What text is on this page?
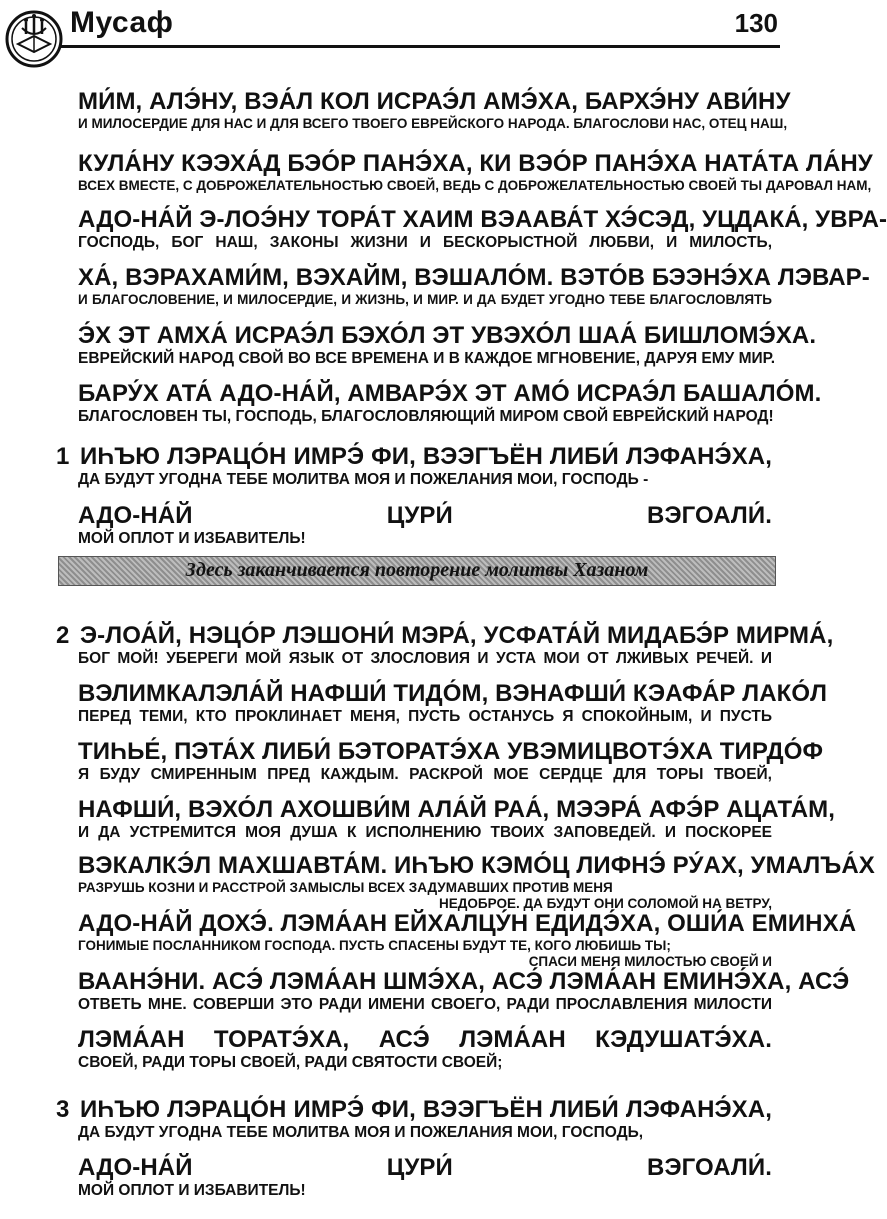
Мусаф	130
МИ́М, АЛЭ́НУ, ВЭА́Л КОЛ ИСРАЭ́Л АМЭ́ХА, БАРХЭ́НУ АВИ́НУ
И МИЛОСЕРДИЕ ДЛЯ НАС И ДЛЯ ВСЕГО ТВОЕГО ЕВРЕЙСКОГО НАРОДА. БЛАГОСЛОВИ НАС, ОТЕЦ НАШ,
КУЛА́НУ КЭЭХА́Д БЭО́Р ПАНЭ́ХА, КИ ВЭО́Р ПАНЭ́ХА НАТА́ТА ЛА́НУ
ВСЕХ ВМЕСТЕ, С ДОБРОЖЕЛАТЕЛЬНОСТЬЮ СВОЕЙ, ВЕДЬ С ДОБРОЖЕЛАТЕЛЬНОСТЬЮ СВОЕЙ ТЫ ДАРОВАЛ НАМ,
АДО-НА́Й Э-ЛОЭ́НУ ТОРА́Т ХАИМ ВЭААВА́Т ХЭ́СЭД, УЦДАКА́, УВРА-
ГОСПОДЬ, БОГ НАШ, ЗАКОНЫ ЖИЗНИ И БЕСКОРЫСТНОЙ ЛЮБВИ, И МИЛОСТЬ,
ХА́, ВЭРАХАМИ́М, ВЭХАЙМ, ВЭШАЛО́М. ВЭТО́В БЭЭНЭ́ХА ЛЭВАР-
И БЛАГОСЛОВЕНИЕ, И МИЛОСЕРДИЕ, И ЖИЗНЬ, И МИР. И ДА БУДЕТ УГОДНО ТЕБЕ БЛАГОСЛОВЛЯТЬ
Э́Х ЭТ АМХА́ ИСРАЭ́Л БЭХО́Л ЭТ УВЭХО́Л ШАА́ БИШЛОМЭ́ХА.
ЕВРЕЙСКИЙ НАРОД СВОЙ ВО ВСЕ ВРЕМЕНА И В КАЖДОЕ МГНОВЕНИЕ, ДАРУЯ ЕМУ МИР.
БАРУ́Х АТА́ АДО-НА́Й, АМВАРЭ́Х ЭТ АМО́ ИСРАЭ́Л БАШАЛО́М.
БЛАГОСЛОВЕН ТЫ, ГОСПОДЬ, БЛАГОСЛОВЛЯЮЩИЙ МИРОМ СВОЙ ЕВРЕЙСКИЙ НАРОД!
1 ИҺЪЮ ЛЭРАЦО́Н ИМРЭ́ ФИ, ВЭЭГЪЁН ЛИБИ́ ЛЭФАНЭ́ХА,
ДА БУДУТ УГОДНА ТЕБЕ МОЛИТВА МОЯ И ПОЖЕЛАНИЯ МОИ, ГОСПОДЬ -
АДО-НА́Й ЦУРИ́ ВЭГОАЛИ́.
МОЙ ОПЛОТ И ИЗБАВИТЕЛЬ!
2 Э-ЛОА́Й, НЭЦО́Р ЛЭШОНИ́ МЭРА́, УСФАТА́Й МИДАБЭ́Р МИРМА́,
БОГ МОЙ! УБЕРЕГИ МОЙ ЯЗЫК ОТ ЗЛОСЛОВИЯ И УСТА МОИ ОТ ЛЖИВЫХ РЕЧЕЙ. И
ВЭЛИМКАЛЭЛА́Й НАФШИ́ ТИДО́М, ВЭНАФШИ́ КЭАФА́Р ЛАКО́Л
ПЕРЕД ТЕМИ, КТО ПРОКЛИНАЕТ МЕНЯ, ПУСТЬ ОСТАНУСЬ Я СПОКОЙНЫМ, И ПУСТЬ
ТИҺЬЕ́, ПЭТА́Х ЛИБИ́ БЭТОРАТЭ́ХА УВЭМИЦВОТЭ́ХА ТИРДО́Ф
Я БУДУ СМИРЕННЫМ ПРЕД КАЖДЫМ. РАСКРОЙ МОЕ СЕРДЦЕ ДЛЯ ТОРЫ ТВОЕЙ,
НАФШИ́, ВЭХО́Л АХОШВИ́М АЛА́Й РАА́, МЭЭРА́ АФЭ́Р АЦАТА́М,
И ДА УСТРЕМИТСЯ МОЯ ДУША К ИСПОЛНЕНИЮ ТВОИХ ЗАПОВЕДЕЙ. И ПОСКОРЕЕ
ВЭКАЛКЭ́Л МАХШАВТА́М. ИҺЪЮ КЭМО́Ц ЛИФНЭ́ РУ́АХ, УМАЛЪА́Х
РАЗРУШЬ КОЗНИ И РАССТРОЙ ЗАМЫСЛЫ ВСЕХ ЗАДУМАВШИХ ПРОТИВ МЕНЯ
НЕДОБРОЕ. ДА БУДУТ ОНИ СОЛОМОЙ НА ВЕТРУ,
АДО-НА́Й ДОХЭ́. ЛЭМА́АН ЕЙХАЛЦУ́Н ЕДИДЭ́ХА, ОШИ́А ЕМИНХА́
ГОНИМЫЕ ПОСЛАННИКОМ ГОСПОДА. ПУСТЬ СПАСЕНЫ БУДУТ ТЕ, КОГО ЛЮБИШЬ ТЫ;
СПАСИ МЕНЯ МИЛОСТЬЮ СВОЕЙ И
ВААНЭ́НИ. АСЭ́ ЛЭМА́АН ШМЭ́ХА, АСЭ́ ЛЭМА́АН ЕМИНЭ́ХА, АСЭ́
ОТВЕТЬ МНЕ. СОВЕРШИ ЭТО РАДИ ИМЕНИ СВОЕГО, РАДИ ПРОСЛАВЛЕНИЯ МИЛОСТИ
ЛЭМА́АН ТОРАТЭ́ХА, АСЭ́ ЛЭМА́АН КЭДУШАТЭ́ХА.
СВОЕЙ, РАДИ ТОРЫ СВОЕЙ, РАДИ СВЯТОСТИ СВОЕЙ;
3 ИҺЪЮ ЛЭРАЦО́Н ИМРЭ́ ФИ, ВЭЭГЪЁН ЛИБИ́ ЛЭФАНЭ́ХА,
ДА БУДУТ УГОДНА ТЕБЕ МОЛИТВА МОЯ И ПОЖЕЛАНИЯ МОИ, ГОСПОДЬ,
АДО-НА́Й ЦУРИ́ ВЭГОАЛИ́.
МОЙ ОПЛОТ И ИЗБАВИТЕЛЬ!
Здесь заканчивается повторение молитвы Хазаном
